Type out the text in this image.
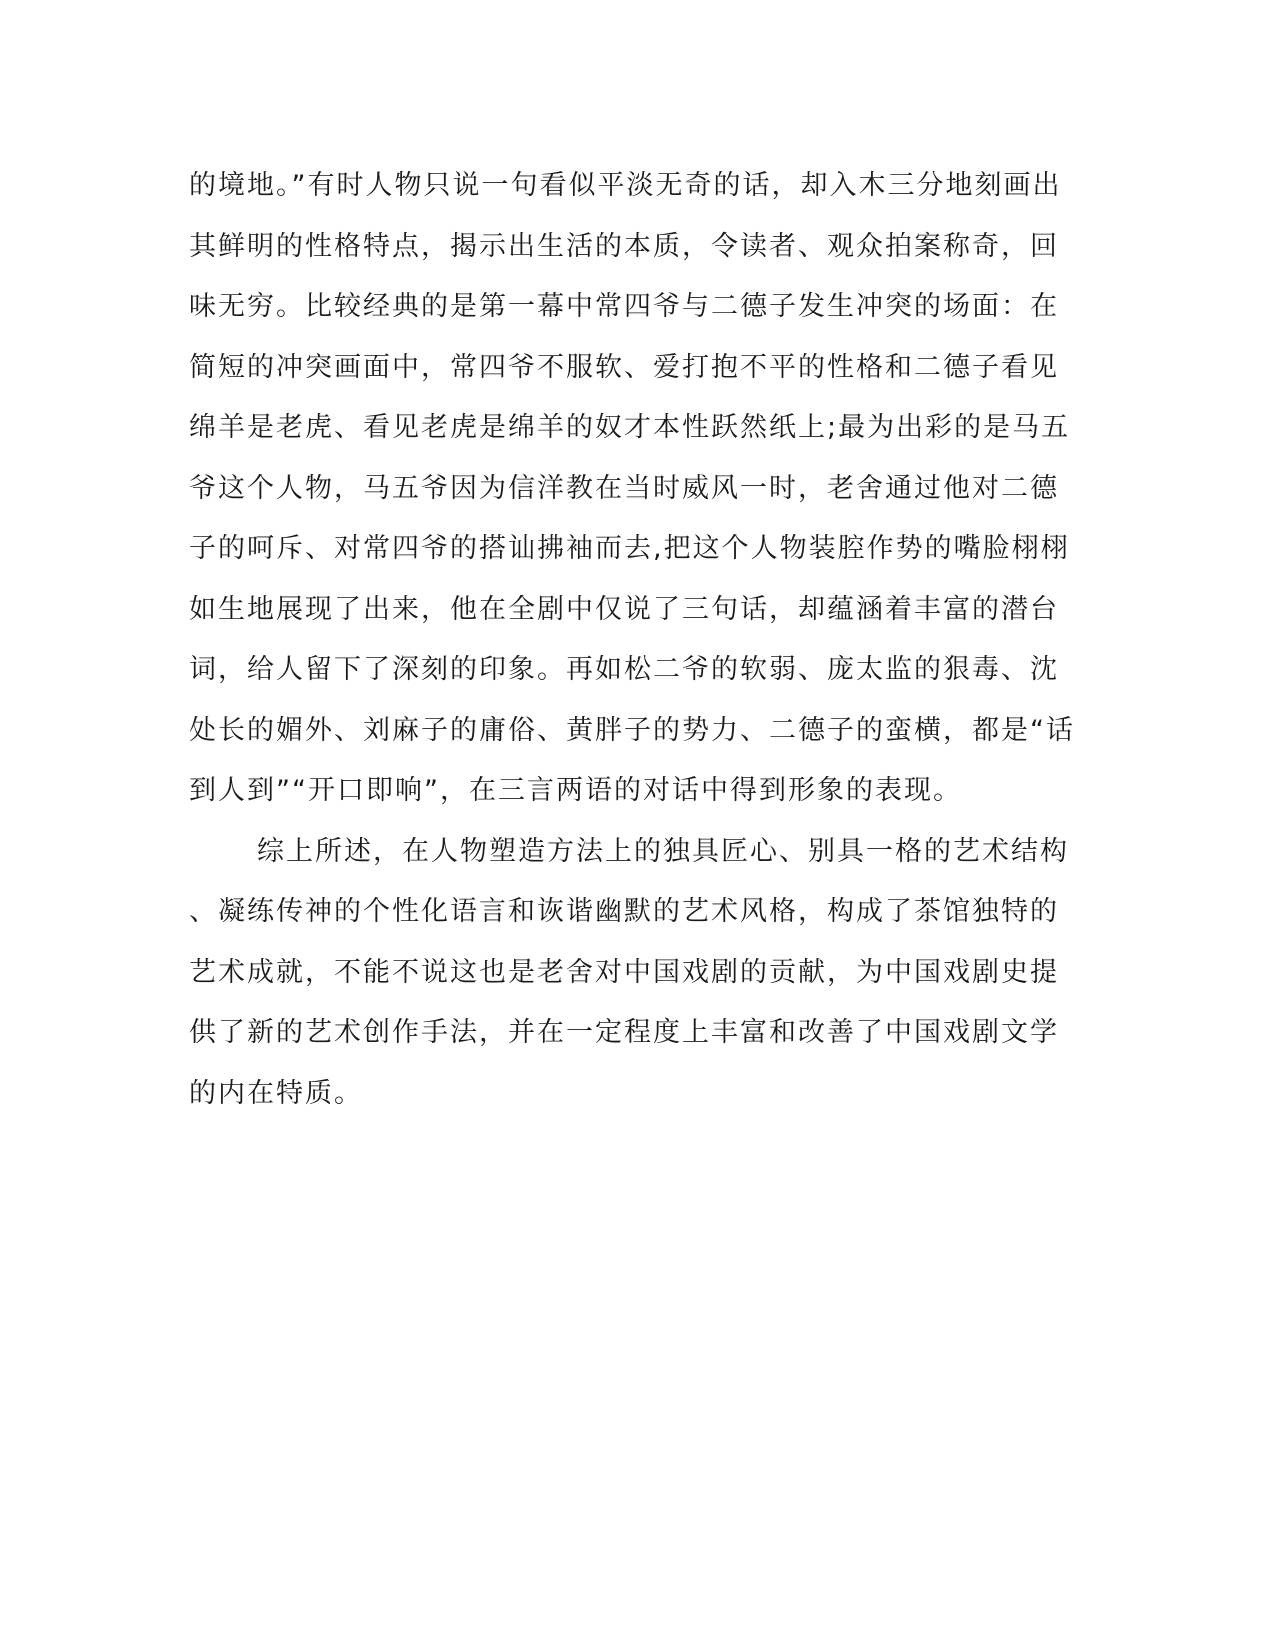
的境地。”有时人物只说一句看似平淡无奇的话，却入木三分地刻画出
其鲜明的性格特点，揭示出生活的本质，令读者、观众拍案称奇，回
味无穷。比较经典的是第一幕中常四爷与二德子发生冲突的场面：在
简短的冲突画面中，常四爷不服软、爱打抱不平的性格和二德子看见
绵羊是老虎、看见老虎是绵羊的奴才本性跃然纸上;最为出彩的是马五
爷这个人物，马五爷因为信洋教在当时威风一时，老舍通过他对二德
子的呵斥、对常四爷的搭讪拂袖而去,把这个人物装腔作势的嘴脸栩栩
如生地展现了出来，他在全剧中仅说了三句话，却蕴涵着丰富的潜台
词，给人留下了深刻的印象。再如松二爷的软弱、庞太监的狠毒、沈
处长的媚外、刘麻子的庸俗、黄胖子的势力、二德子的蛮横，都是“话
到人到”“开口即响”，在三言两语的对话中得到形象的表现。
综上所述，在人物塑造方法上的独具匠心、别具一格的艺术结构
、凝练传神的个性化语言和诙谐幽默的艺术风格，构成了茶馆独特的
艺术成就，不能不说这也是老舍对中国戏剧的贡献，为中国戏剧史提
供了新的艺术创作手法，并在一定程度上丰富和改善了中国戏剧文学
的内在特质。
